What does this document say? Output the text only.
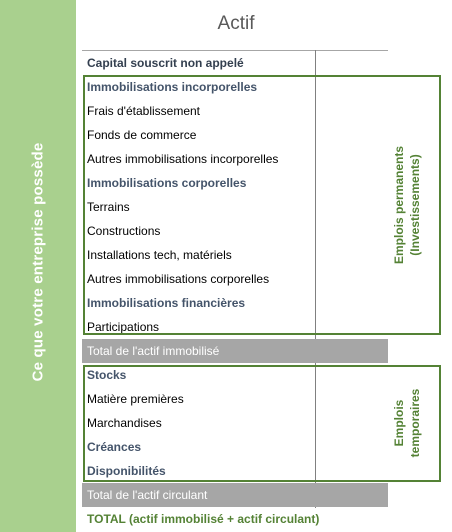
Ce que votre entreprise possède
Actif
Capital souscrit non appelé
Immobilisations incorporelles
Frais d'établissement
Fonds de commerce
Autres immobilisations incorporelles
Immobilisations corporelles
Terrains
Constructions
Installations tech, matériels
Autres immobilisations corporelles
Immobilisations financières
Participations
Total de l'actif immobilisé
Stocks
Matière premières
Marchandises
Créances
Disponibilités
Total de l'actif circulant
TOTAL (actif immobilisé + actif circulant)
Emplois permanents (Investissements)
Emplois temporaires
